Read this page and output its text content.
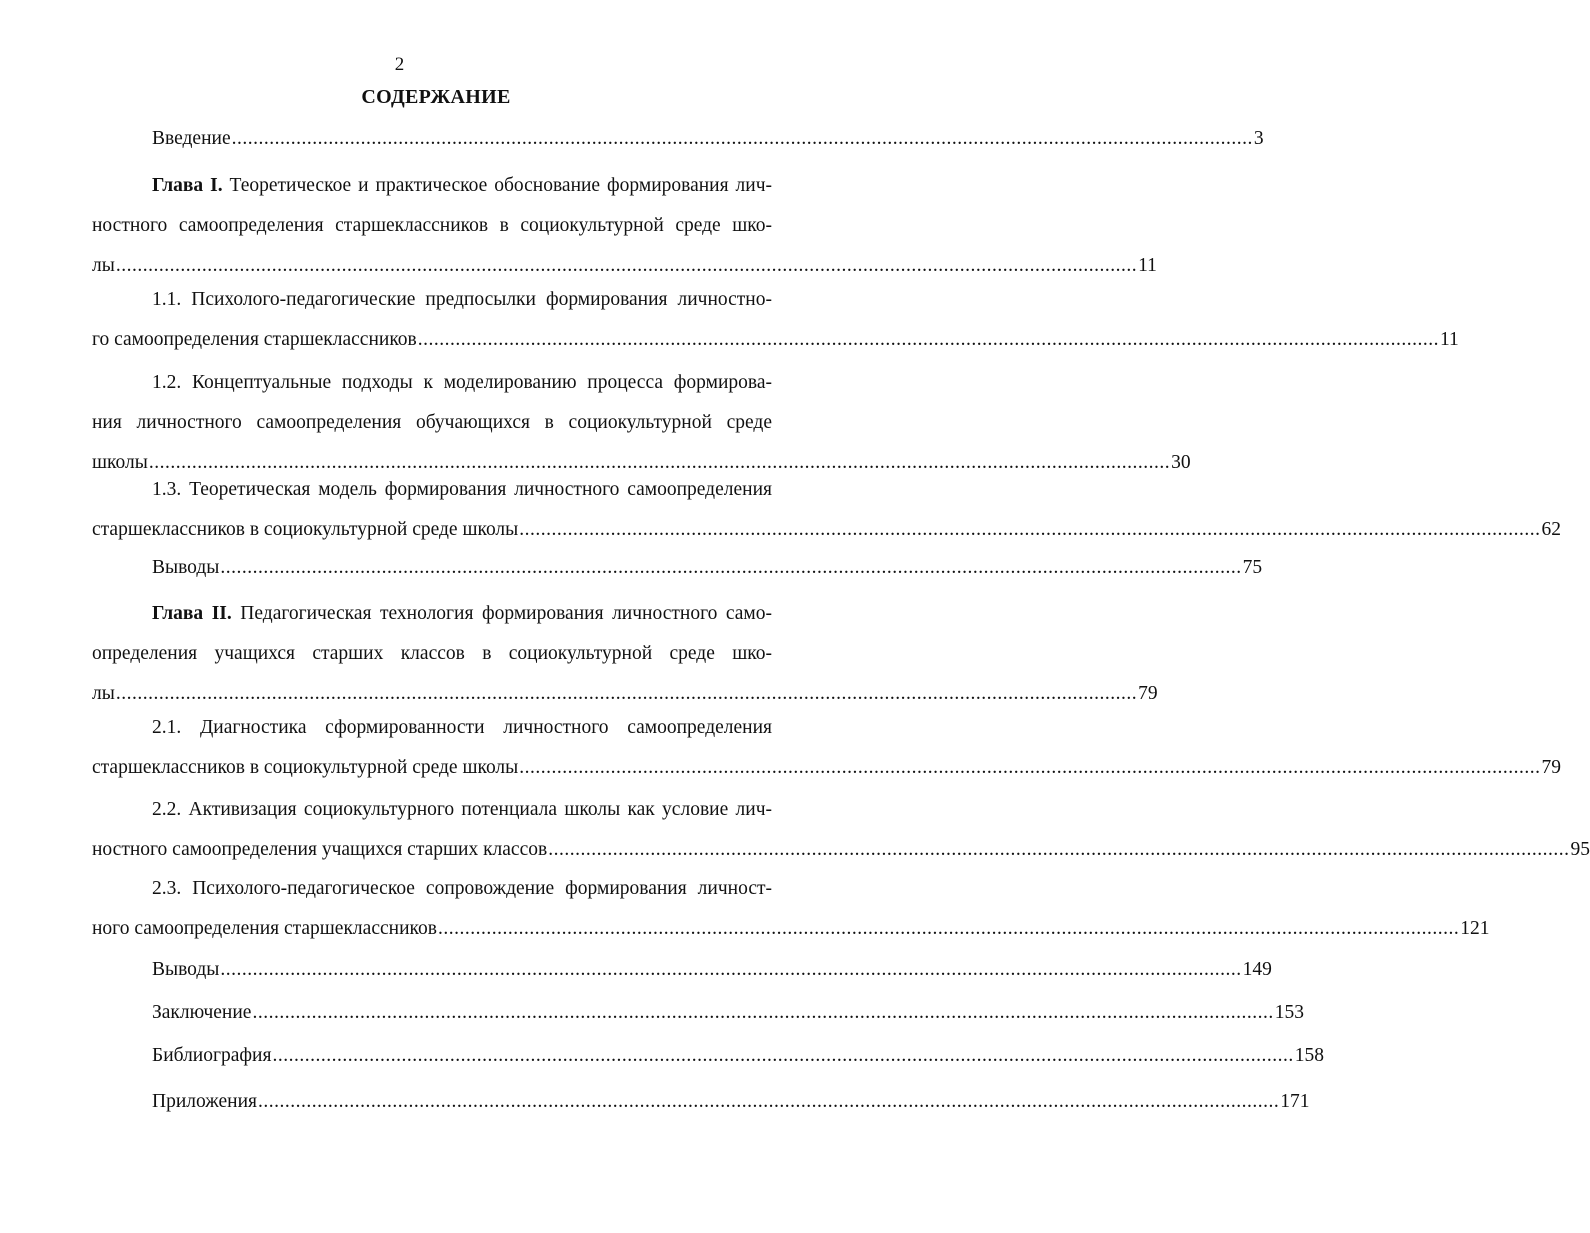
2
СОДЕРЖАНИЕ
Введение .............................................................................................................................................................................................. 3
Глава I. Теоретическое и практическое обоснование формирования лич-
ностного самоопределения старшеклассников в социокультурной среде шко-
лы .............................................................................................................................................................................................. 11
1.1. Психолого-педагогические предпосылки формирования личностно-
го самоопределения старшеклассников .............................................................................................................................................................................................. 11
1.2. Концептуальные подходы к моделированию процесса формирова-
ния личностного самоопределения обучающихся в социокультурной среде
школы .............................................................................................................................................................................................. 30
1.3. Теоретическая модель формирования личностного самоопределения
старшеклассников в социокультурной среде школы .............................................................................................................................................................................................. 62
Выводы .............................................................................................................................................................................................. 75
Глава II. Педагогическая технология формирования личностного само-
определения учащихся старших классов в социокультурной среде шко-
лы .............................................................................................................................................................................................. 79
2.1. Диагностика сформированности личностного самоопределения
старшеклассников в социокультурной среде школы .............................................................................................................................................................................................. 79
2.2. Активизация социокультурного потенциала школы как условие лич-
ностного самоопределения учащихся старших классов .............................................................................................................................................................................................. 95
2.3. Психолого-педагогическое сопровождение формирования личност-
ного самоопределения старшеклассников .............................................................................................................................................................................................. 121
Выводы .............................................................................................................................................................................................. 149
Заключение .............................................................................................................................................................................................. 153
Библиография .............................................................................................................................................................................................. 158
Приложения .............................................................................................................................................................................................. 171
